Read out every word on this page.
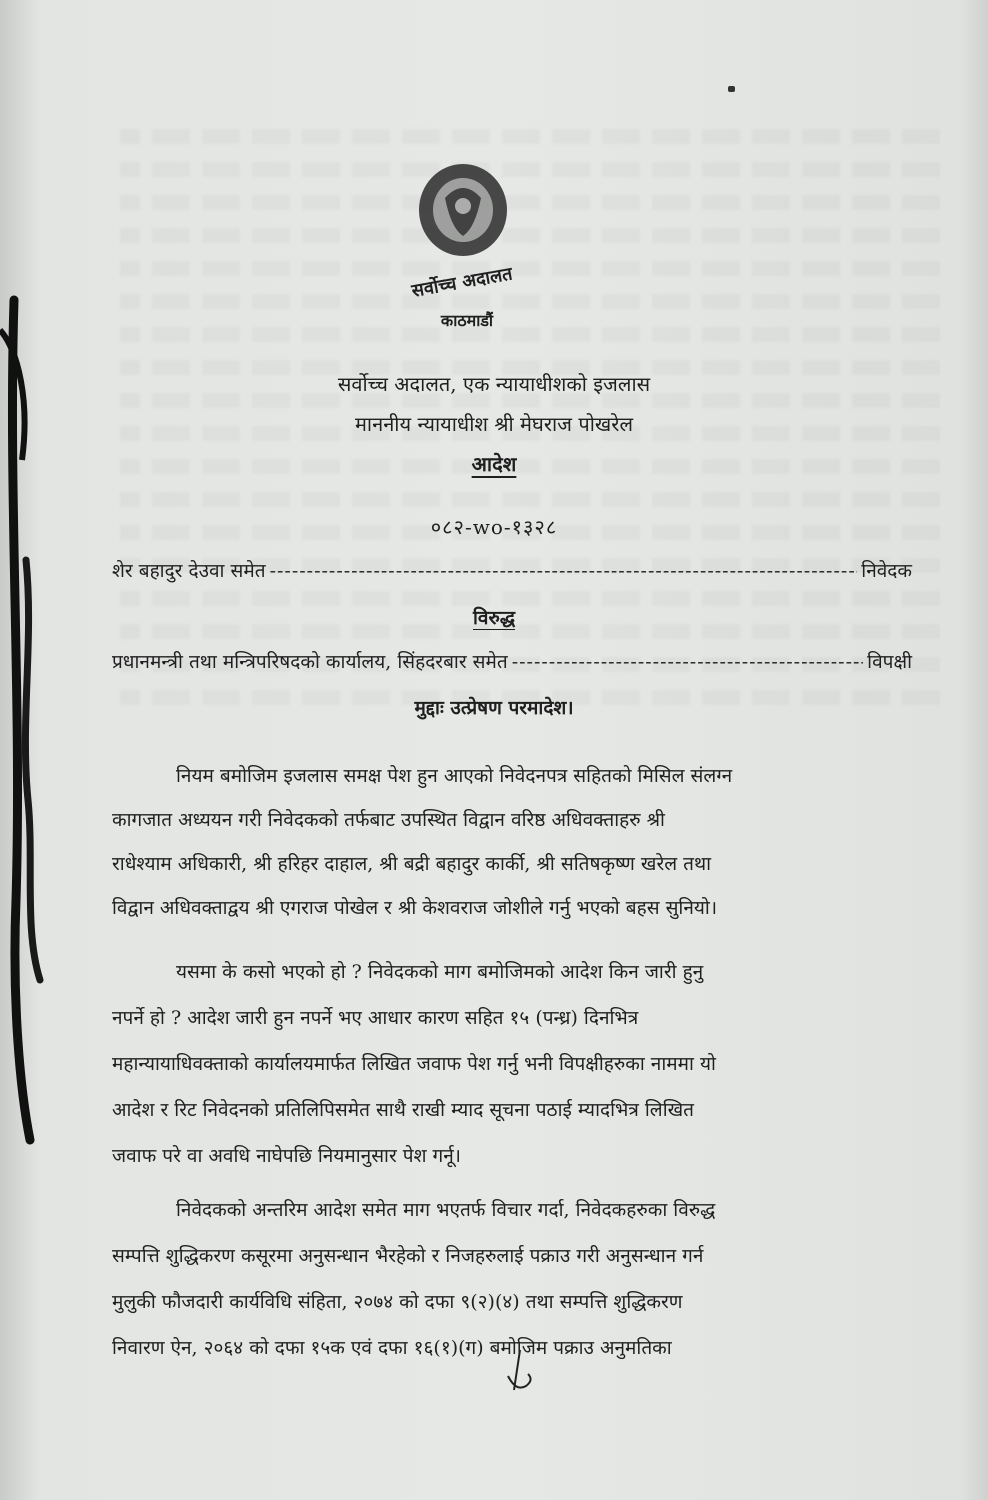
सर्वोच्च अदालत
काठमाडौं
सर्वोच्च अदालत, एक न्यायाधीशको इजलास
माननीय न्यायाधीश श्री मेघराज पोखरेल
आदेश
०८२-wo-१३२८
शेर बहादुर देउवा समेत -----	निवेदक
विरुद्ध
प्रधानमन्त्री तथा मन्त्रिपरिषदको कार्यालय, सिंहदरबार समेत -----	विपक्षी
मुद्दाः उत्प्रेषण परमादेश।
नियम बमोजिम इजलास समक्ष पेश हुन आएको निवेदनपत्र सहितको मिसिल संलग्न
कागजात अध्ययन गरी निवेदकको तर्फबाट उपस्थित विद्वान वरिष्ठ अधिवक्ताहरु श्री
राधेश्याम अधिकारी, श्री हरिहर दाहाल, श्री बद्री बहादुर कार्की, श्री सतिषकृष्ण खरेल तथा
विद्वान अधिवक्ताद्वय श्री एगराज पोखेल र श्री केशवराज जोशीले गर्नु भएको बहस सुनियो।
यसमा के कसो भएको हो ? निवेदकको माग बमोजिमको आदेश किन जारी हुनु
नपर्ने हो ? आदेश जारी हुन नपर्ने भए आधार कारण सहित १५ (पन्ध्र) दिनभित्र
महान्यायाधिवक्ताको कार्यालयमार्फत लिखित जवाफ पेश गर्नु भनी विपक्षीहरुका नाममा यो
आदेश र रिट निवेदनको प्रतिलिपिसमेत साथै राखी म्याद सूचना पठाई म्यादभित्र लिखित
जवाफ परे वा अवधि नाघेपछि नियमानुसार पेश गर्नू।
निवेदकको अन्तरिम आदेश समेत माग भएतर्फ विचार गर्दा, निवेदकहरुका विरुद्ध
सम्पत्ति शुद्धिकरण कसूरमा अनुसन्धान भैरहेको र निजहरुलाई पक्राउ गरी अनुसन्धान गर्न
मुलुकी फौजदारी कार्यविधि संहिता, २०७४ को दफा ९(२)(४) तथा सम्पत्ति शुद्धिकरण
निवारण ऐन, २०६४ को दफा १५क एवं दफा १६(१)(ग) बमोजिम पक्राउ अनुमतिका
